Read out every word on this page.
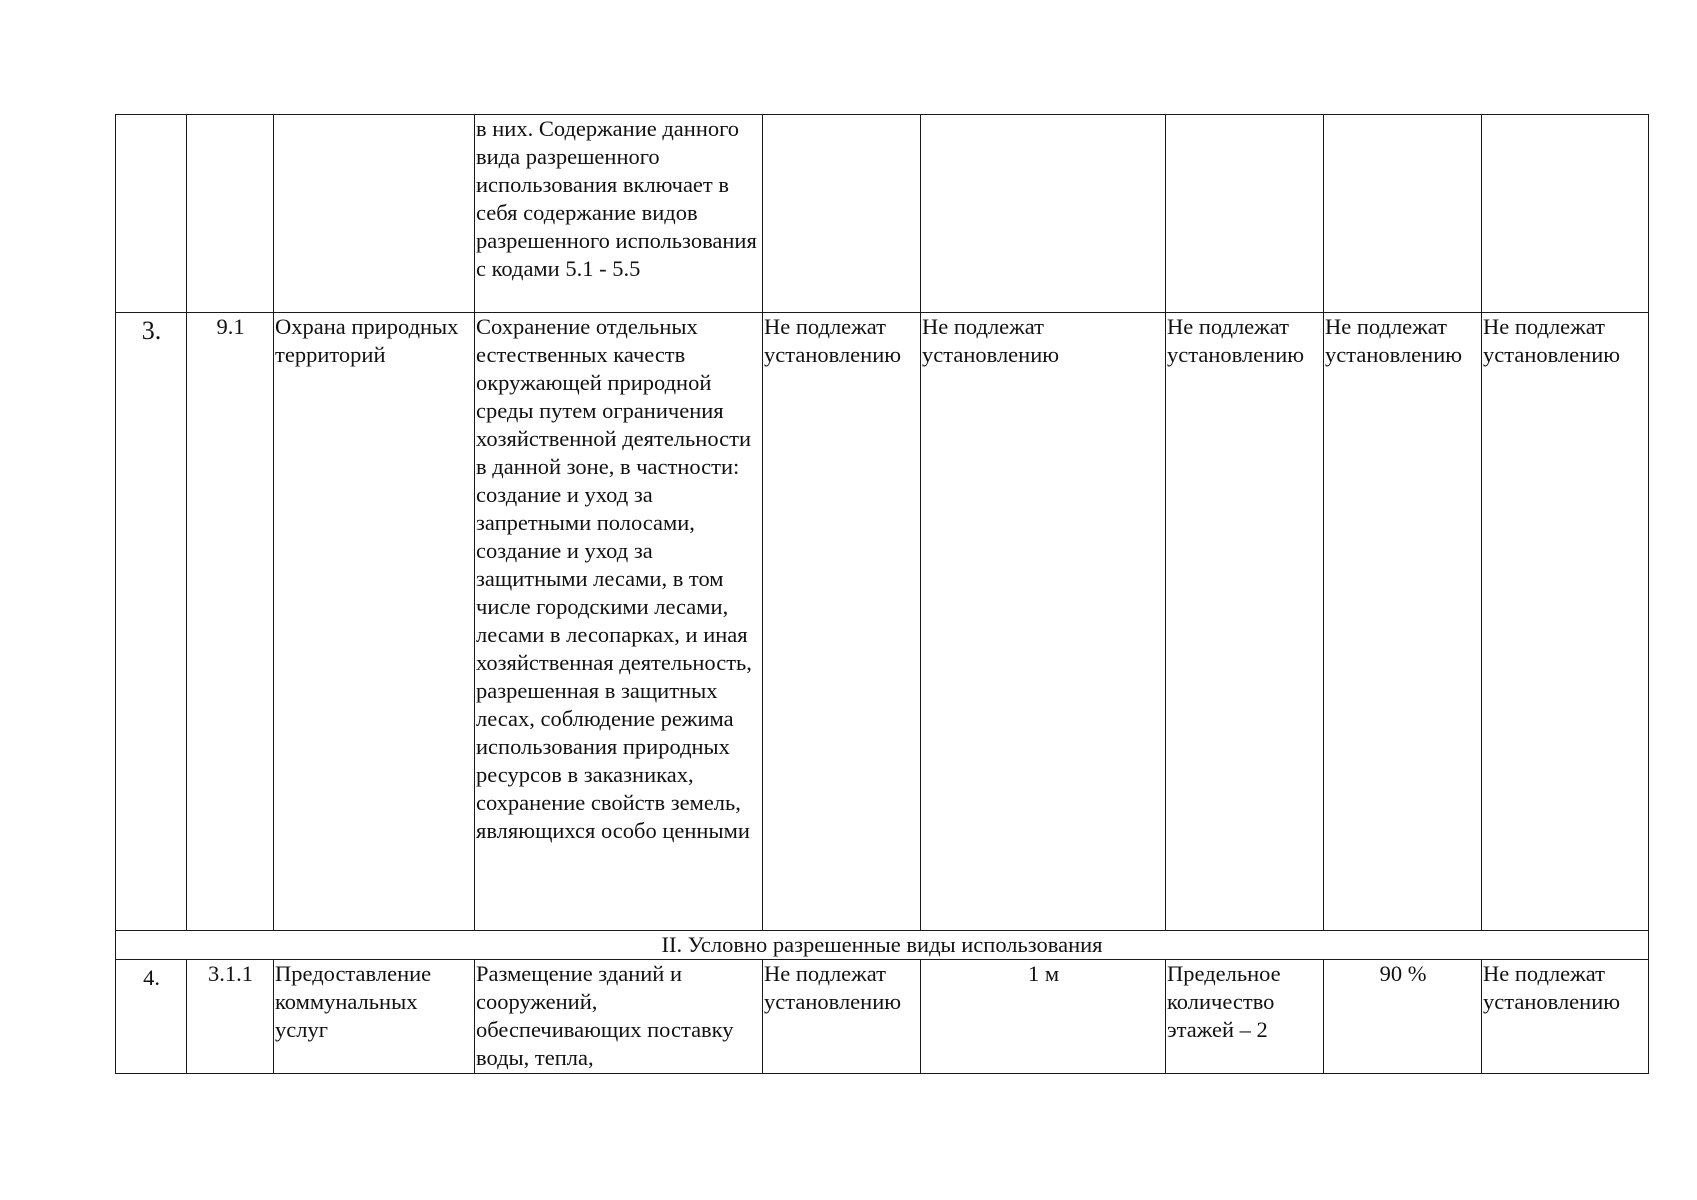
			в них. Содержание данного вида разрешенного использования включает в себя содержание видов разрешенного использования с кодами 5.1 - 5.5					
3.	9.1	Охрана природных территорий	Сохранение отдельных естественных качеств окружающей природной среды путем ограничения хозяйственной деятельности в данной зоне, в частности: создание и уход за запретными полосами, создание и уход за защитными лесами, в том числе городскими лесами, лесами в лесопарках, и иная хозяйственная деятельность, разрешенная в защитных лесах, соблюдение режима использования природных ресурсов в заказниках, сохранение свойств земель, являющихся особо ценными	Не подлежат установлению	Не подлежат установлению	Не подлежат установлению	Не подлежат установлению	Не подлежат установлению
II. Условно разрешенные виды использования								
4.	3.1.1	Предоставление коммунальных услуг	Размещение зданий и сооружений, обеспечивающих поставку воды, тепла,	Не подлежат установлению	1 м	Предельное количество этажей – 2	90 %	Не подлежат установлению
